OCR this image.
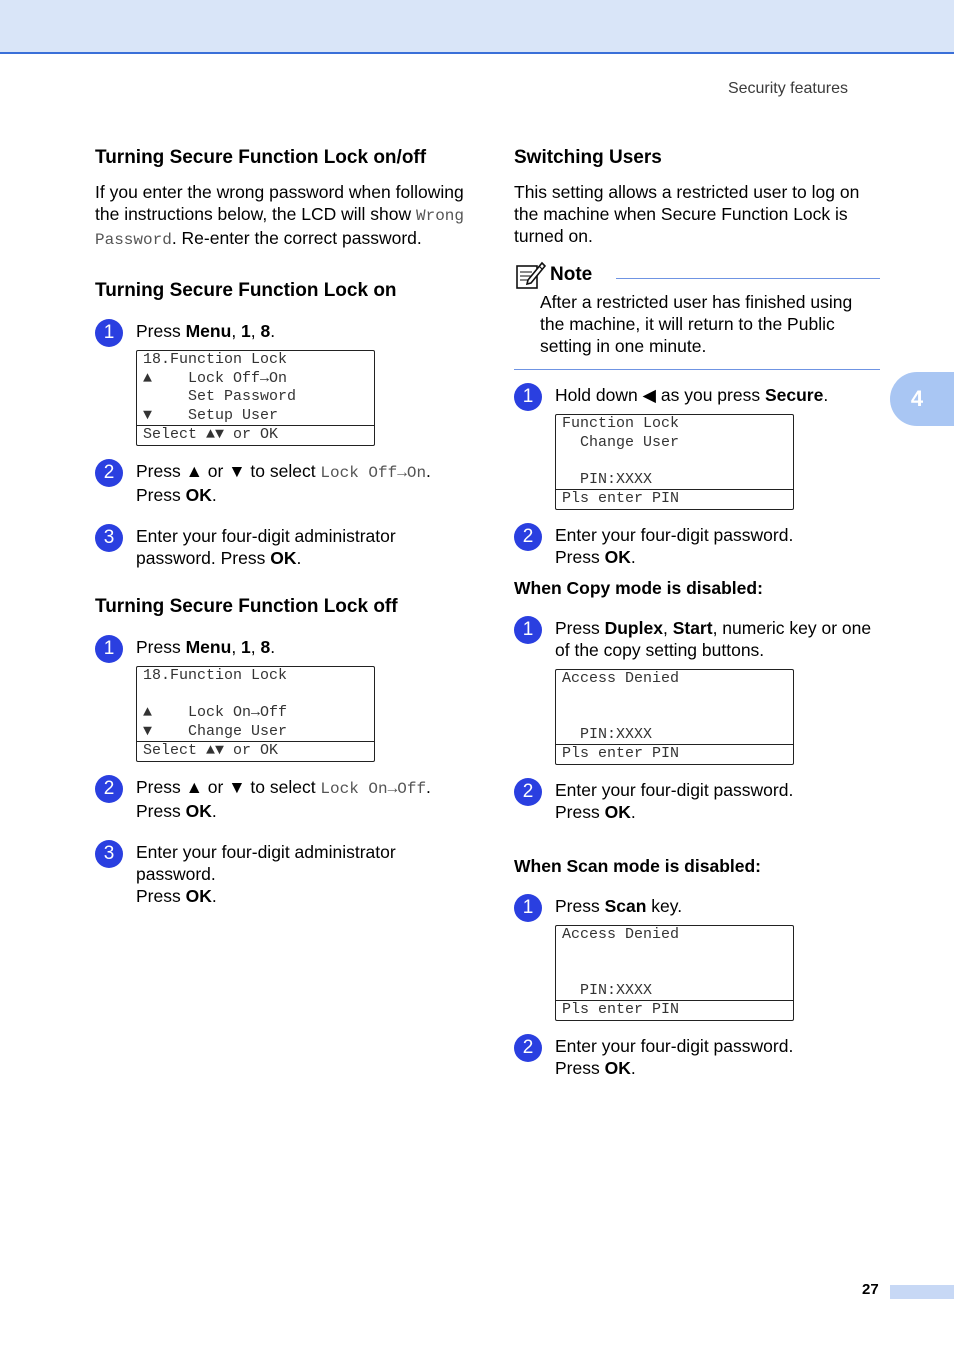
Security features
4
27
Turning Secure Function Lock on/off

If you enter the wrong password when following the instructions below, the LCD will show Wrong Password. Re-enter the correct password.

Turning Secure Function Lock on
1	Press Menu, 1, 8.
18.Function Lock
▲    Lock Off→On
Set Password
▼    Setup User
Select ▲▼ or OK
2	Press ▲ or ▼ to select Lock Off→On.
Press OK.
3	Enter your four-digit administrator password. Press OK.
Turning Secure Function Lock off
1	Press Menu, 1, 8.
18.Function Lock
▲    Lock On→Off
▼    Change User
Select ▲▼ or OK
2	Press ▲ or ▼ to select Lock On→Off.
Press OK.
3	Enter your four-digit administrator password.
Press OK.
Switching Users

This setting allows a restricted user to log on the machine when Secure Function Lock is turned on.

Note

After a restricted user has finished using the machine, it will return to the Public setting in one minute.

1	Hold down ◀ as you press Secure.
Function Lock
Change User
PIN:XXXX
Pls enter PIN
2	Enter your four-digit password.
Press OK.

When Copy mode is disabled:

1	Press Duplex, Start, numeric key or one of the copy setting buttons.
Access Denied
PIN:XXXX
Pls enter PIN
2	Enter your four-digit password.
Press OK.

When Scan mode is disabled:

1	Press Scan key.
Access Denied
PIN:XXXX
Pls enter PIN
2	Enter your four-digit password.
Press OK.
